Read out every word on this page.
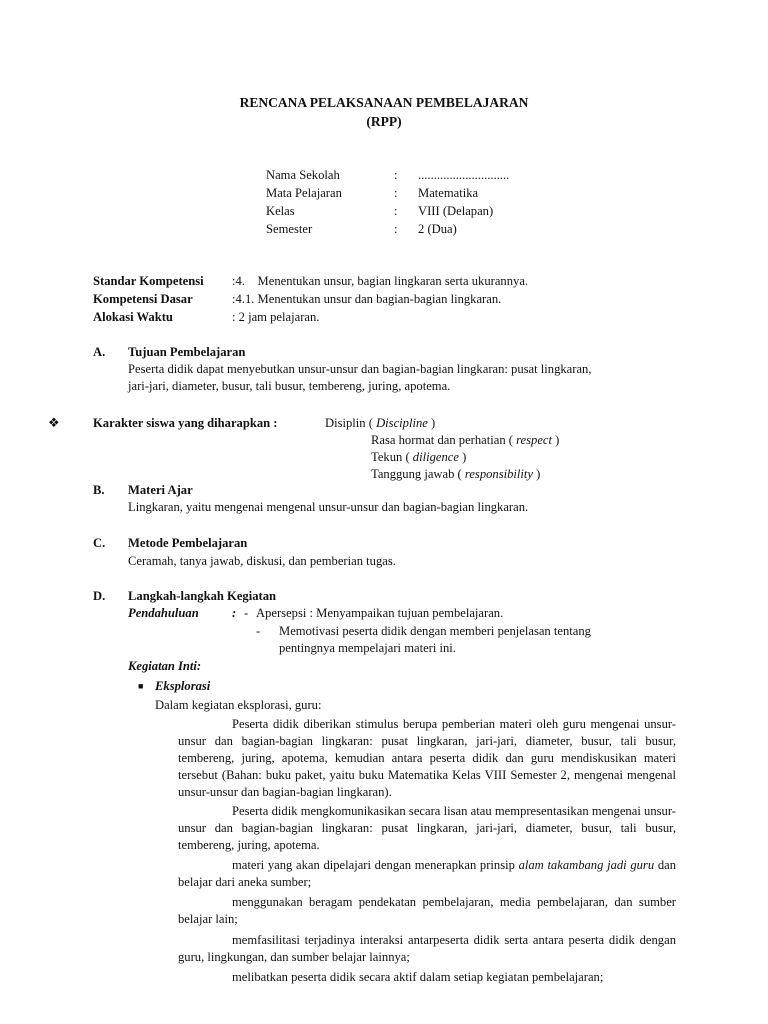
RENCANA PELAKSANAAN PEMBELAJARAN
(RPP)
Nama Sekolah	: .............................
Mata Pelajaran	: Matematika
Kelas	: VIII (Delapan)
Semester	: 2 (Dua)
Standar Kompetensi :4.    Menentukan unsur, bagian lingkaran serta ukurannya.
Kompetensi Dasar	:4.1. Menentukan unsur dan bagian-bagian lingkaran.
Alokasi Waktu	: 2 jam pelajaran.
A. Tujuan Pembelajaran
Peserta didik dapat menyebutkan unsur-unsur dan bagian-bagian lingkaran: pusat lingkaran,
jari-jari, diameter, busur, tali busur, tembereng, juring, apotema.
❖	Karakter siswa yang diharapkan :	Disiplin ( Discipline )
Rasa hormat dan perhatian ( respect )
Tekun ( diligence )
Tanggung jawab ( responsibility )
B. Materi Ajar
Lingkaran, yaitu mengenai mengenal unsur-unsur dan bagian-bagian lingkaran.
C. Metode Pembelajaran
Ceramah, tanya jawab, diskusi, dan pemberian tugas.
D. Langkah-langkah Kegiatan
Pendahuluan	: - Apersepsi : Menyampaikan tujuan pembelajaran.
- Memotivasi peserta didik dengan memberi penjelasan tentang
pentingnya mempelajari materi ini.
Kegiatan Inti:
■ Eksplorasi
Dalam kegiatan eksplorasi, guru:
Peserta didik diberikan stimulus berupa pemberian materi oleh guru mengenai unsur-unsur dan bagian-bagian lingkaran: pusat lingkaran, jari-jari, diameter, busur, tali busur, tembereng, juring, apotema, kemudian antara peserta didik dan guru mendiskusikan materi tersebut (Bahan: buku paket, yaitu buku Matematika Kelas VIII Semester 2, mengenai mengenal unsur-unsur dan bagian-bagian lingkaran).
Peserta didik mengkomunikasikan secara lisan atau mempresentasikan mengenai unsur-unsur dan bagian-bagian lingkaran: pusat lingkaran, jari-jari, diameter, busur, tali busur, tembereng, juring, apotema.
materi yang akan dipelajari dengan menerapkan prinsip alam takambang jadi guru dan belajar dari aneka sumber;
menggunakan beragam pendekatan pembelajaran, media pembelajaran, dan sumber belajar lain;
memfasilitasi terjadinya interaksi antarpeserta didik serta antara peserta didik dengan guru, lingkungan, dan sumber belajar lainnya;
melibatkan peserta didik secara aktif dalam setiap kegiatan pembelajaran;
